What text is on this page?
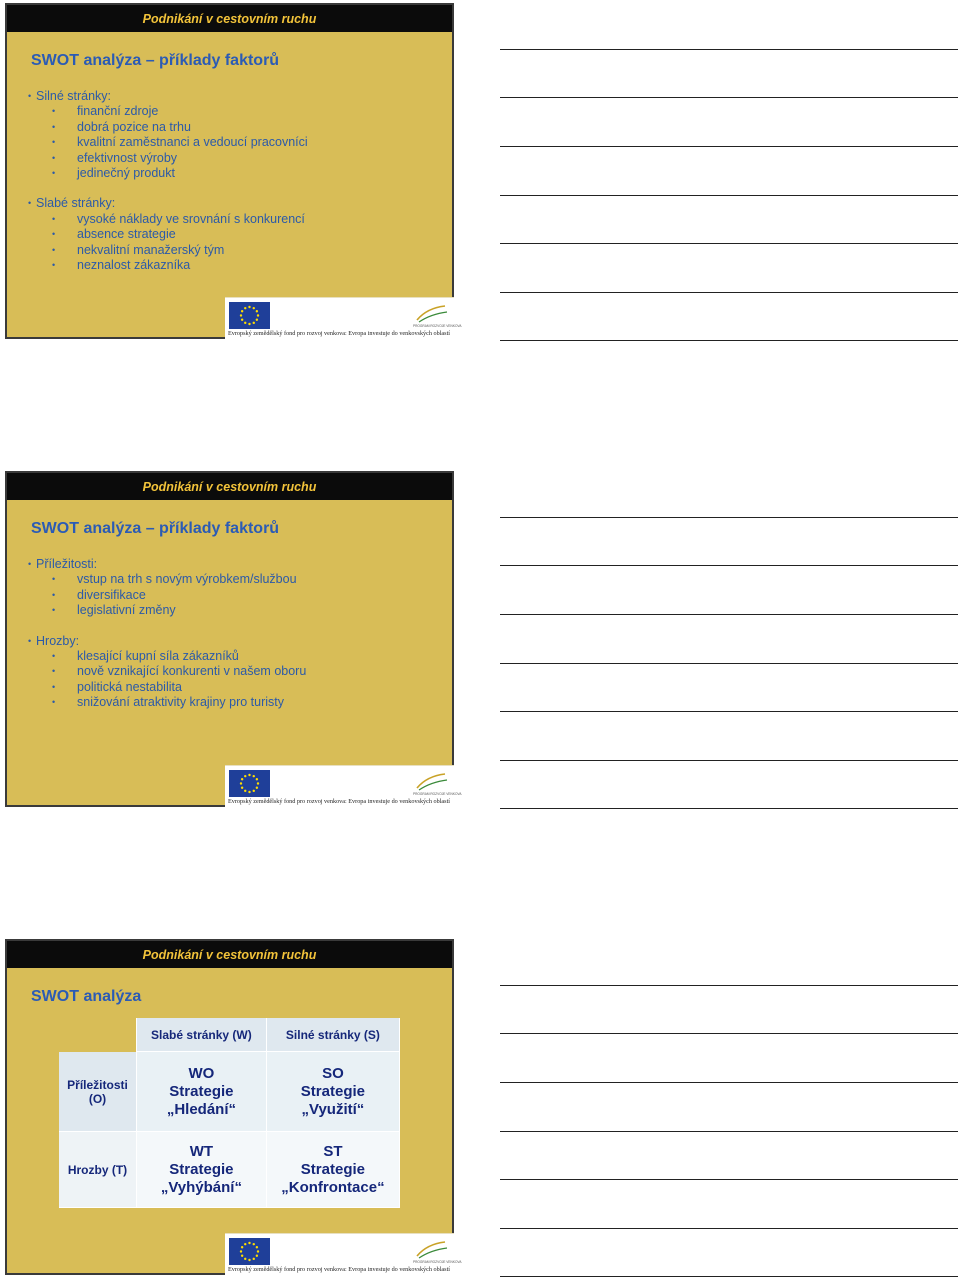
Podnikání v cestovním ruchu
SWOT analýza – příklady faktorů
• Silné stránky:
• finanční zdroje
• dobrá pozice na trhu
• kvalitní zaměstnanci a vedoucí pracovníci
• efektivnost výroby
• jedinečný produkt
• Slabé stránky:
• vysoké náklady ve srovnání s konkurencí
• absence strategie
• nekvalitní manažerský tým
• neznalost zákazníka
PROGRAM ROZVOJE VENKOVA
Evropský zemědělský fond pro rozvoj venkova: Evropa investuje do venkovských oblastí
Podnikání v cestovním ruchu
SWOT analýza – příklady faktorů
• Příležitosti:
• vstup na trh s novým výrobkem/službou
• diversifikace
• legislativní změny
• Hrozby:
• klesající kupní síla zákazníků
• nově vznikající konkurenti v našem oboru
• politická nestabilita
• snižování atraktivity krajiny pro turisty
PROGRAM ROZVOJE VENKOVA
Evropský zemědělský fond pro rozvoj venkova: Evropa investuje do venkovských oblastí
Podnikání v cestovním ruchu
SWOT analýza
	Slabé stránky (W)	Silné stránky (S)

Příležitosti
(O)	WO
Strategie
„Hledání“	SO
Strategie
„Využití“

Hrozby (T)	WT
Strategie
„Vyhýbání“	ST
Strategie
„Konfrontace“
PROGRAM ROZVOJE VENKOVA
Evropský zemědělský fond pro rozvoj venkova: Evropa investuje do venkovských oblastí
